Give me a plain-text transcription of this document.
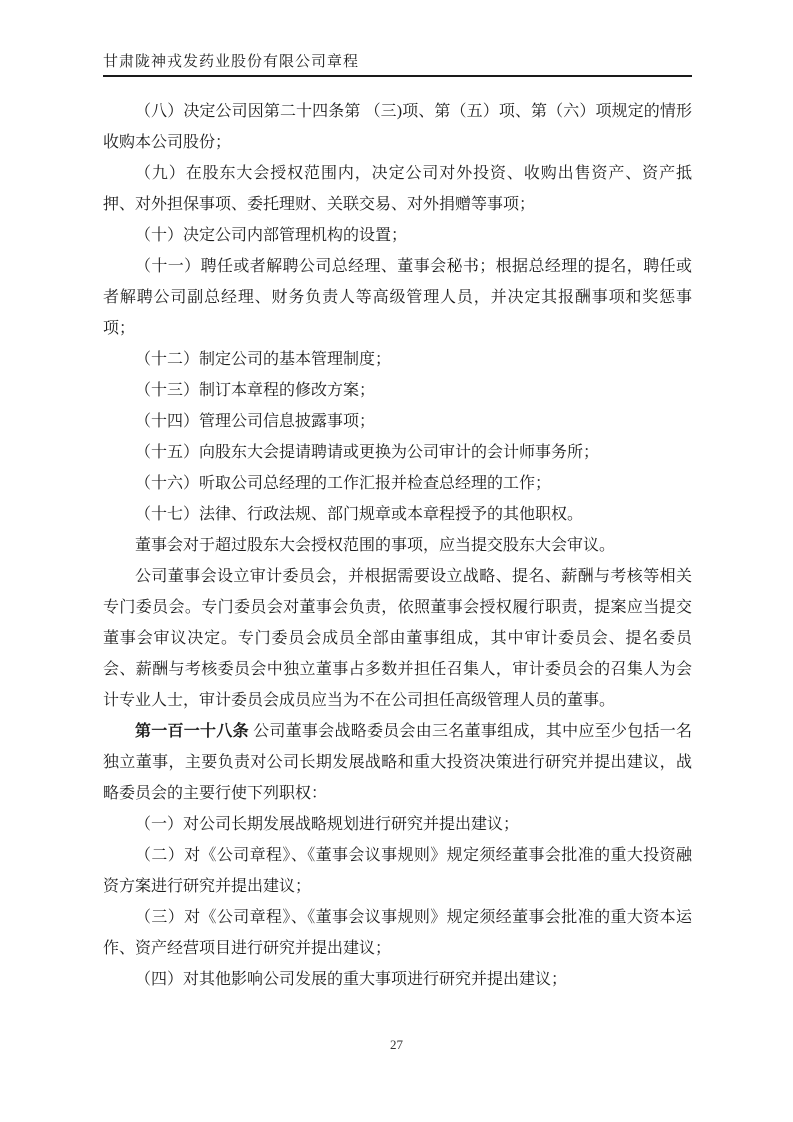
甘肃陇神戎发药业股份有限公司章程

（八）决定公司因第二十四条第 （三)项、第（五）项、第（六）项规定的情形收购本公司股份；

（九）在股东大会授权范围内，决定公司对外投资、收购出售资产、资产抵押、对外担保事项、委托理财、关联交易、对外捐赠等事项；

（十）决定公司内部管理机构的设置；

（十一）聘任或者解聘公司总经理、董事会秘书；根据总经理的提名，聘任或者解聘公司副总经理、财务负责人等高级管理人员，并决定其报酬事项和奖惩事项；

（十二）制定公司的基本管理制度；

（十三）制订本章程的修改方案；

（十四）管理公司信息披露事项；

（十五）向股东大会提请聘请或更换为公司审计的会计师事务所；

（十六）听取公司总经理的工作汇报并检查总经理的工作；

（十七）法律、行政法规、部门规章或本章程授予的其他职权。

董事会对于超过股东大会授权范围的事项，应当提交股东大会审议。

公司董事会设立审计委员会，并根据需要设立战略、提名、薪酬与考核等相关专门委员会。专门委员会对董事会负责，依照董事会授权履行职责，提案应当提交董事会审议决定。专门委员会成员全部由董事组成，其中审计委员会、提名委员会、薪酬与考核委员会中独立董事占多数并担任召集人，审计委员会的召集人为会计专业人士，审计委员会成员应当为不在公司担任高级管理人员的董事。

第一百一十八条 公司董事会战略委员会由三名董事组成，其中应至少包括一名独立董事，主要负责对公司长期发展战略和重大投资决策进行研究并提出建议，战略委员会的主要行使下列职权：

（一）对公司长期发展战略规划进行研究并提出建议；

（二）对《公司章程》、《董事会议事规则》规定须经董事会批准的重大投资融资方案进行研究并提出建议；

（三）对《公司章程》、《董事会议事规则》规定须经董事会批准的重大资本运作、资产经营项目进行研究并提出建议；

（四）对其他影响公司发展的重大事项进行研究并提出建议；

27
